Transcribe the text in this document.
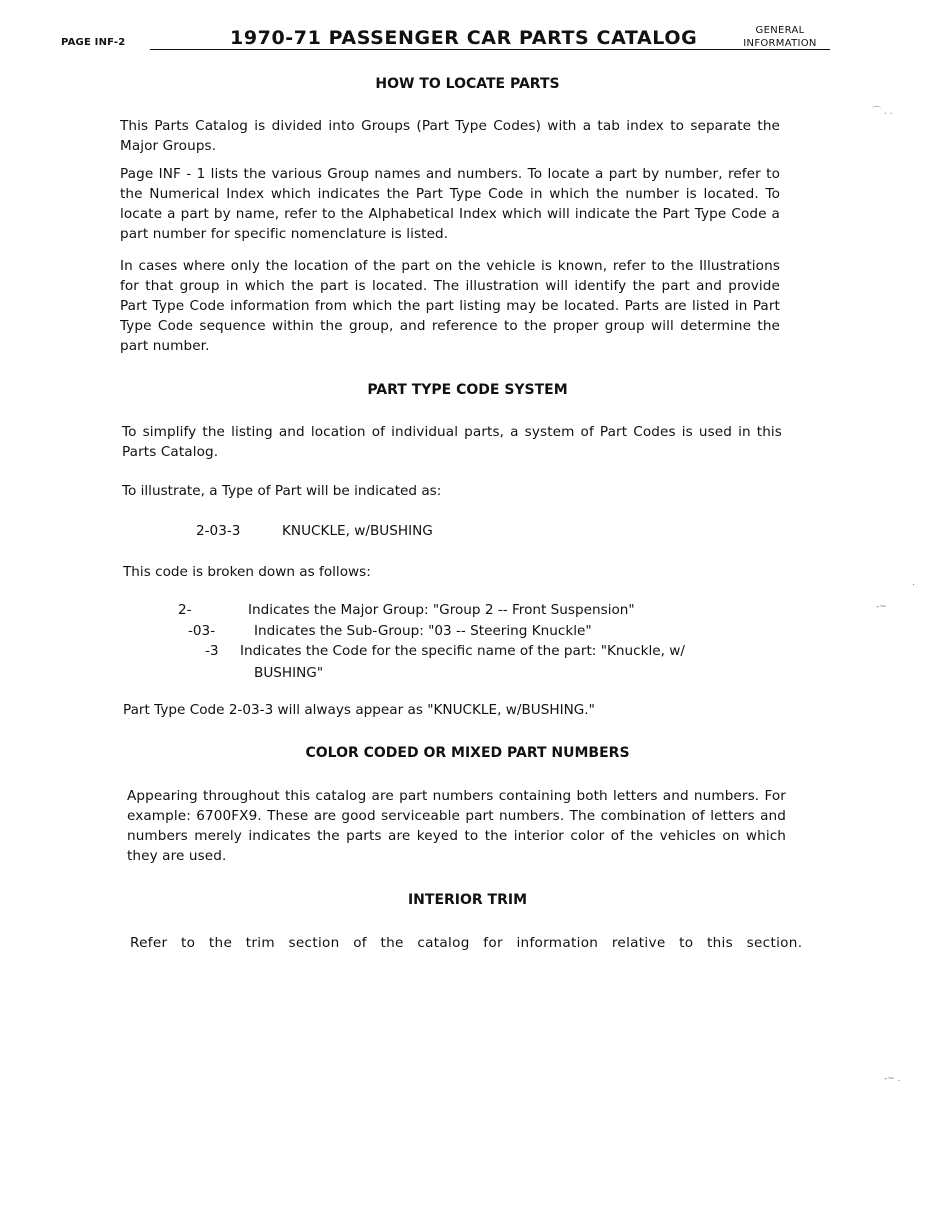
PAGE INF-2	1970-71 PASSENGER CAR PARTS CATALOG	GENERAL
INFORMATION
HOW TO LOCATE PARTS

This Parts Catalog is divided into Groups (Part Type Codes) with a tab index to separate the Major Groups.

Page INF - 1 lists the various Group names and numbers. To locate a part by number, refer to the Numerical Index which indicates the Part Type Code in which the number is located. To locate a part by name, refer to the Alphabetical Index which will indicate the Part Type Code a part number for specific nomenclature is listed.

In cases where only the location of the part on the vehicle is known, refer to the Illustrations for that group in which the part is located. The illustration will identify the part and provide Part Type Code information from which the part listing may be located. Parts are listed in Part Type Code sequence within the group, and reference to the proper group will determine the part number.

PART TYPE CODE SYSTEM

To simplify the listing and location of individual parts, a system of Part Codes is used in this Parts Catalog.

To illustrate, a Type of Part will be indicated as:
2-03-3	KNUCKLE, w/BUSHING
This code is broken down as follows:
2-	Indicates the Major Group: "Group 2 -- Front Suspension"
-03-	Indicates the Sub-Group: "03 -- Steering Knuckle"
-3 Indicates the Code for the specific name of the part: "Knuckle, w/
BUSHING"
Part Type Code 2-03-3 will always appear as "KNUCKLE, w/BUSHING."
COLOR CODED OR MIXED PART NUMBERS

Appearing throughout this catalog are part numbers containing both letters and numbers. For example: 6700FX9. These are good serviceable part numbers. The combination of letters and numbers merely indicates the parts are keyed to the interior color of the vehicles on which they are used.

INTERIOR TRIM
Refer to the trim section of the catalog for information relative to this section.
⌒ . .
-~
.
-~ .
